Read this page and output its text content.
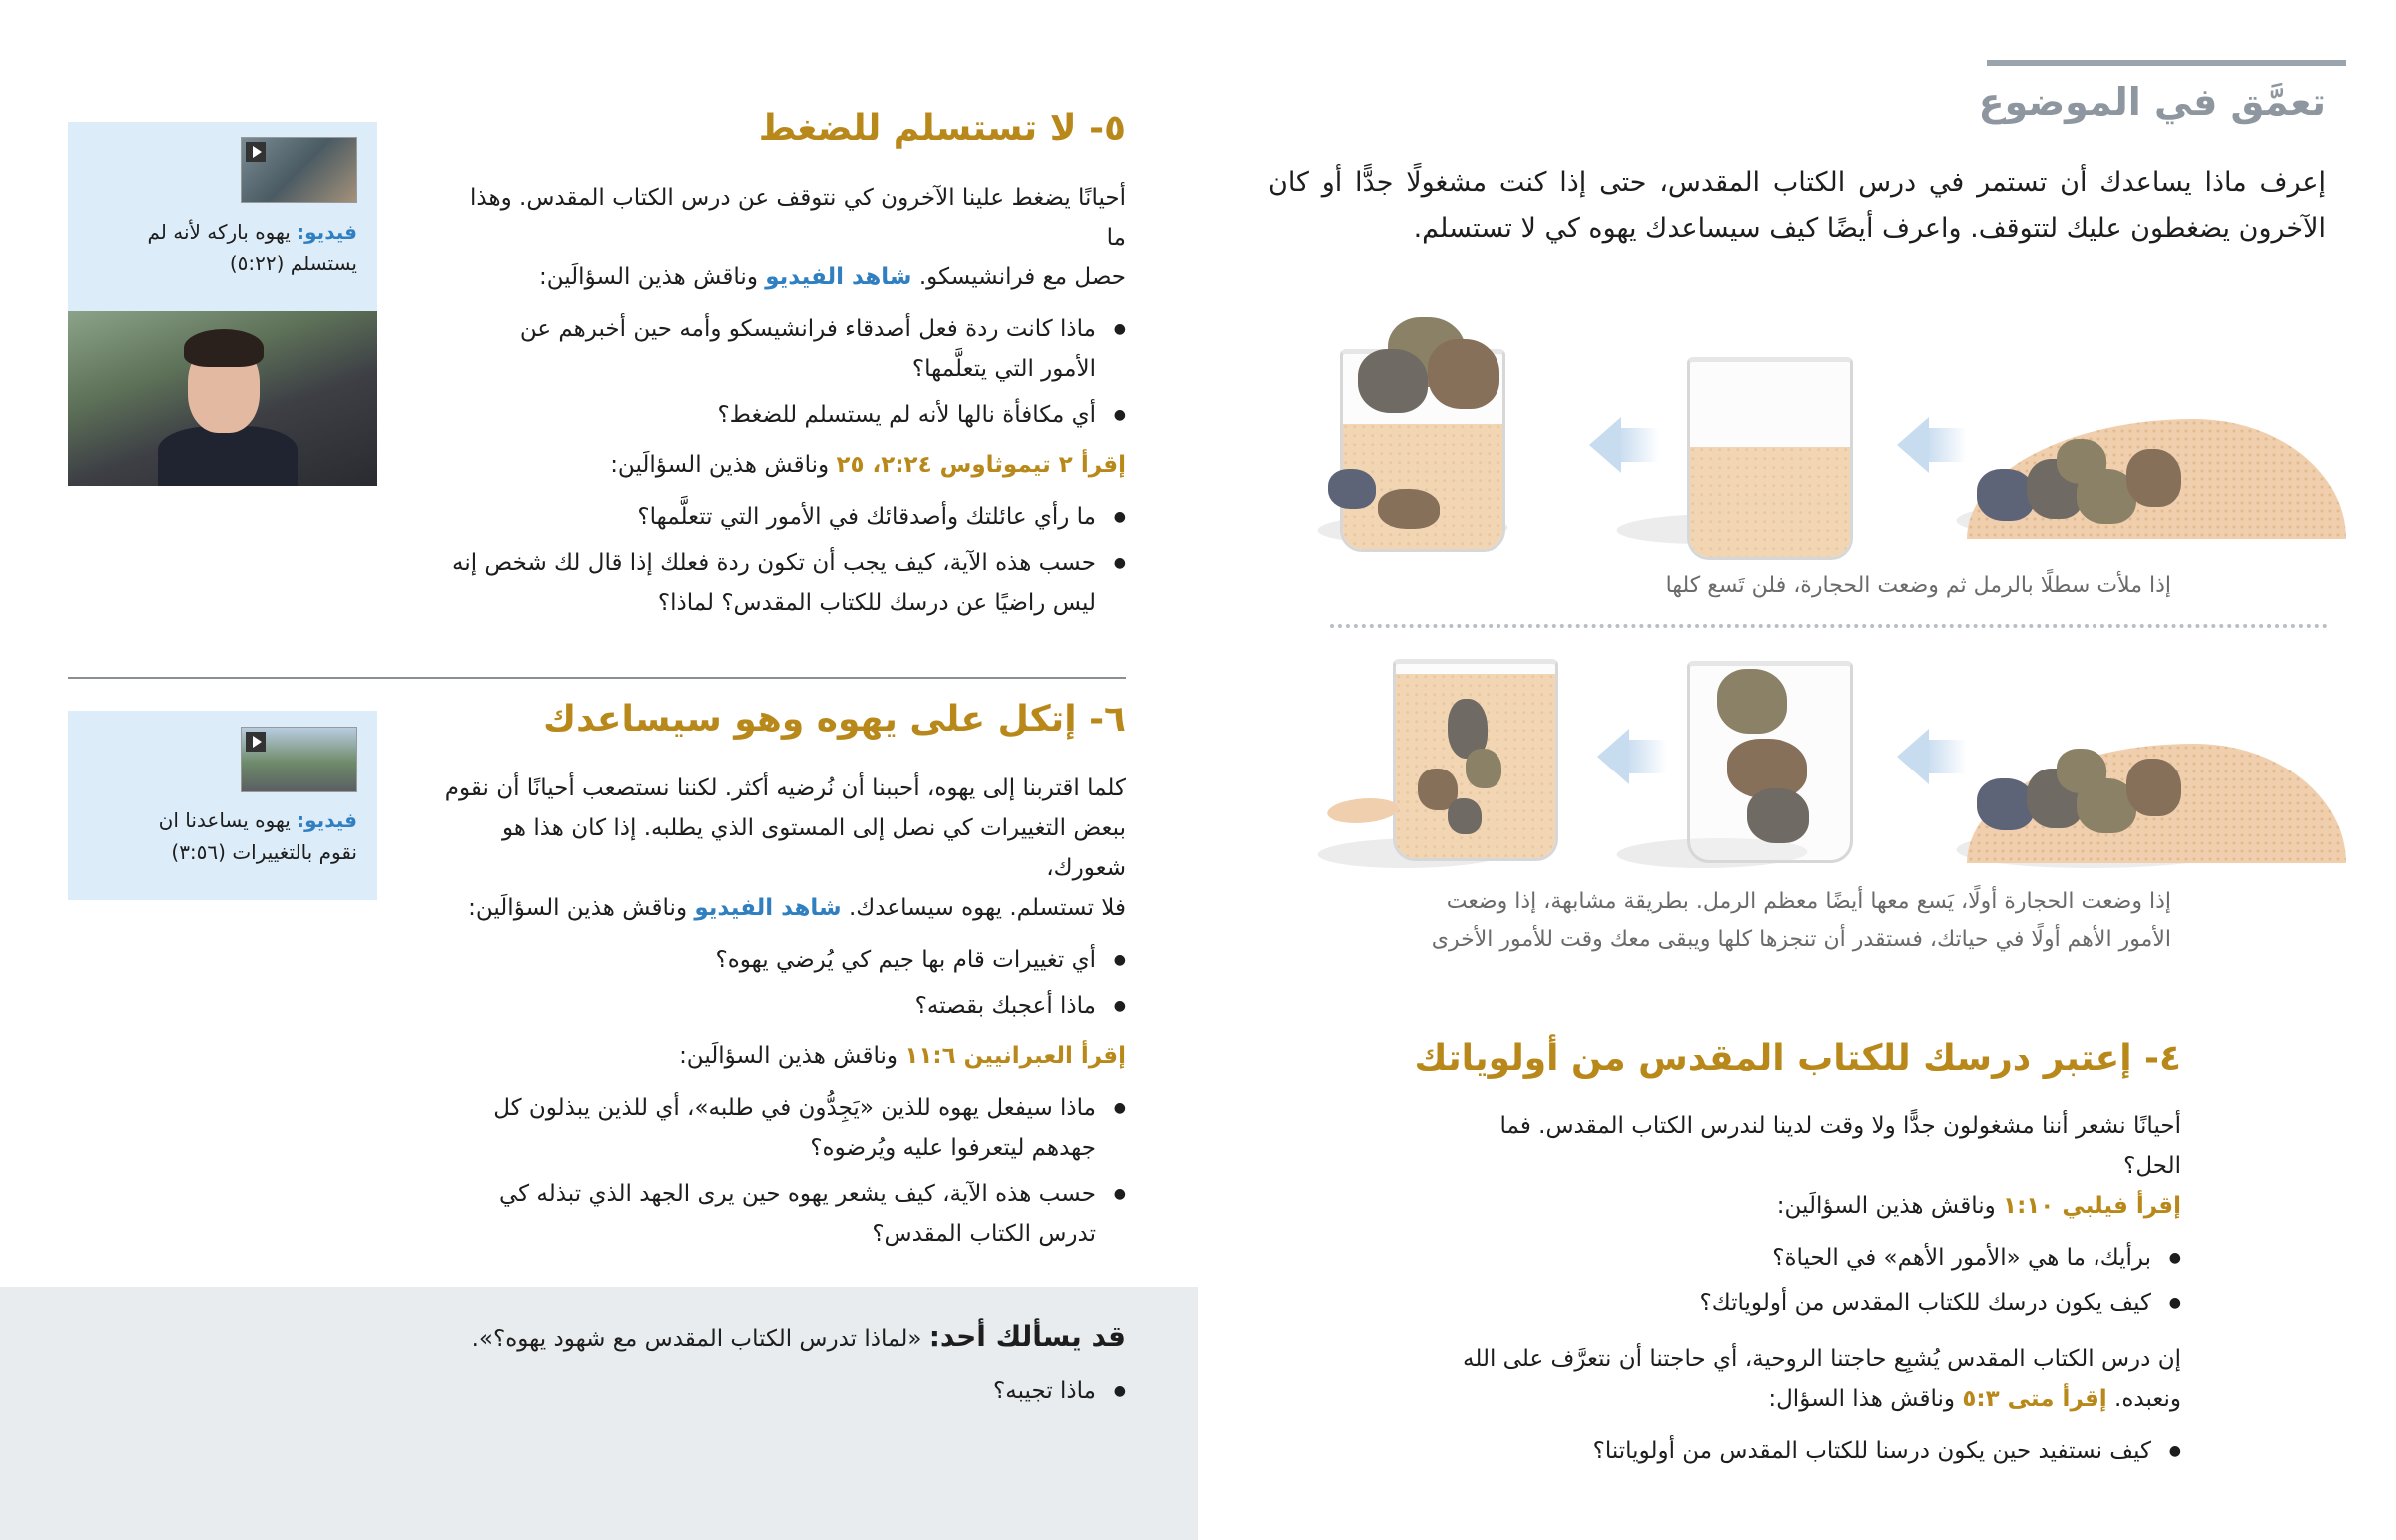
تعمَّق في الموضوع
إعرف ماذا يساعدك أن تستمر في درس الكتاب المقدس، حتى إذا كنت مشغولًا جدًّا أو كان الآخرون يضغطون عليك لتتوقف. واعرف أيضًا كيف سيساعدك يهوه كي لا تستسلم.
إذا ملأت سطلًا بالرمل ثم وضعت الحجارة، فلن تَسع كلها
إذا وضعت الحجارة أولًا، يَسع معها أيضًا معظم الرمل. بطريقة مشابهة، إذا وضعت
الأمور الأهم أولًا في حياتك، فستقدر أن تنجزها كلها ويبقى معك وقت للأمور الأخرى
٤- إعتبر درسك للكتاب المقدس من أولوياتك
أحيانًا نشعر أننا مشغولون جدًّا ولا وقت لدينا لندرس الكتاب المقدس. فما الحل؟
إقرأ فيلبي ١:١٠ وناقش هذين السؤالَين:
● برأيك، ما هي «الأمور الأهم» في الحياة؟
● كيف يكون درسك للكتاب المقدس من أولوياتك؟
إن درس الكتاب المقدس يُشبِع حاجتنا الروحية، أي حاجتنا أن نتعرَّف على الله
ونعبده. إقرأ متى ٥:٣ وناقش هذا السؤال:
● كيف نستفيد حين يكون درسنا للكتاب المقدس من أولوياتنا؟
فيديو: يهوه باركه لأنه لم
يستسلم (٥:٢٢)
٥- لا تستسلم للضغط
أحيانًا يضغط علينا الآخرون كي نتوقف عن درس الكتاب المقدس. وهذا ما
حصل مع فرانشيسكو. شاهد الفيديو وناقش هذين السؤالَين:
● ماذا كانت ردة فعل أصدقاء فرانشيسكو وأمه حين أخبرهم عن الأمور التي يتعلَّمها؟
● أي مكافأة نالها لأنه لم يستسلم للضغط؟
إقرأ ٢ تيموثاوس ٢:٢٤، ٢٥ وناقش هذين السؤالَين:
● ما رأي عائلتك وأصدقائك في الأمور التي تتعلَّمها؟
● حسب هذه الآية، كيف يجب أن تكون ردة فعلك إذا قال لك شخص إنه ليس راضيًا عن درسك للكتاب المقدس؟ لماذا؟
فيديو: يهوه يساعدنا ان
نقوم بالتغييرات (٣:٥٦)
٦- إتكل على يهوه وهو سيساعدك
كلما اقتربنا إلى يهوه، أحببنا أن نُرضيه أكثر. لكننا نستصعب أحيانًا أن نقوم
ببعض التغييرات كي نصل إلى المستوى الذي يطلبه. إذا كان هذا هو شعورك،
فلا تستسلم. يهوه سيساعدك. شاهد الفيديو وناقش هذين السؤالَين:
● أي تغييرات قام بها جيم كي يُرضي يهوه؟
● ماذا أعجبك بقصته؟
إقرأ العبرانيين ١١:٦ وناقش هذين السؤالَين:
● ماذا سيفعل يهوه للذين «يَجِدُّون في طلبه»، أي للذين يبذلون كل جهدهم ليتعرفوا عليه ويُرضوه؟
● حسب هذه الآية، كيف يشعر يهوه حين يرى الجهد الذي تبذله كي تدرس الكتاب المقدس؟
قد يسألك أحد: «لماذا تدرس الكتاب المقدس مع شهود يهوه؟».
● ماذا تجيبه؟
